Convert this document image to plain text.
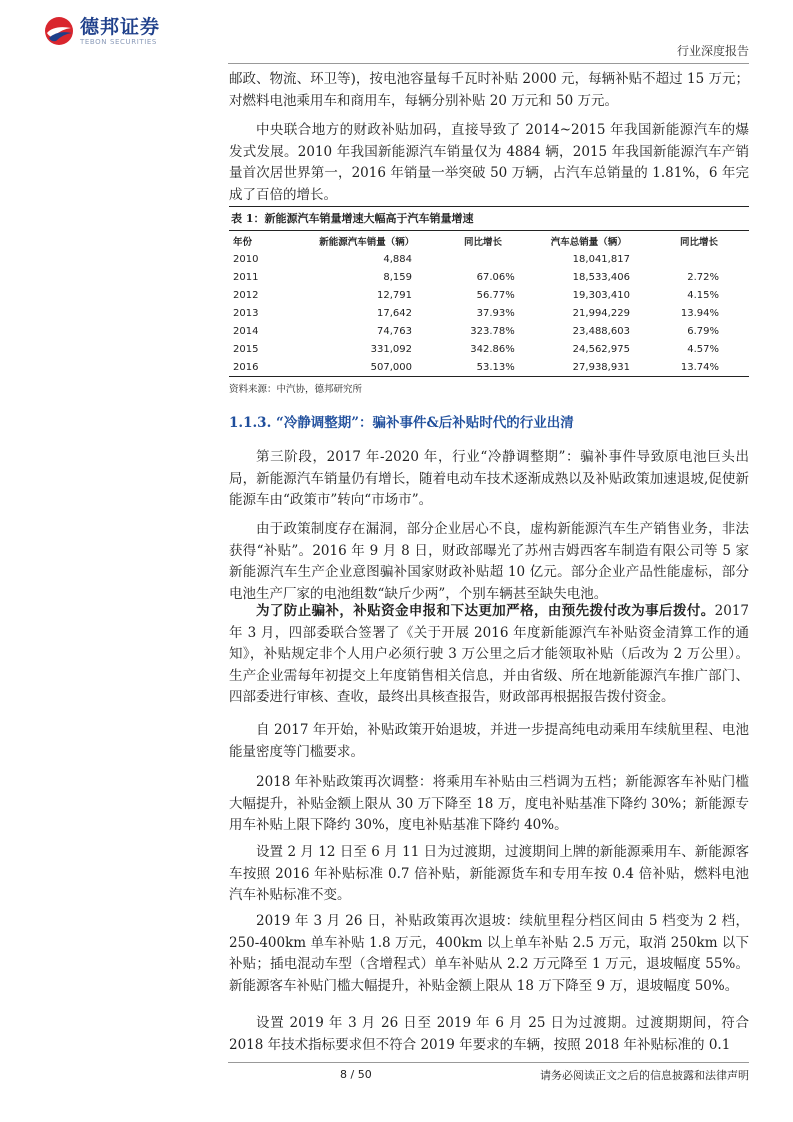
德邦证券
TEBON SECURITIES
行业深度报告

邮政、物流、环卫等)，按电池容量每千瓦时补贴 2000 元，每辆补贴不超过 15 万元；对燃料电池乘用车和商用车，每辆分别补贴 20 万元和 50 万元。

中央联合地方的财政补贴加码，直接导致了 2014~2015 年我国新能源汽车的爆发式发展。2010 年我国新能源汽车销量仅为 4884 辆，2015 年我国新能源汽车产销量首次居世界第一，2016 年销量一举突破 50 万辆，占汽车总销量的 1.81%，6 年完成了百倍的增长。

表 1：新能源汽车销量增速大幅高于汽车销量增速
年份	新能源汽车销量（辆）	同比增长	汽车总销量（辆）	同比增长
2010	4,884		18,041,817	
2011	8,159	67.06%	18,533,406	2.72%
2012	12,791	56.77%	19,303,410	4.15%
2013	17,642	37.93%	21,994,229	13.94%
2014	74,763	323.78%	23,488,603	6.79%
2015	331,092	342.86%	24,562,975	4.57%
2016	507,000	53.13%	27,938,931	13.74%
资料来源：中汽协，德邦研究所
1.1.3. “冷静调整期”：骗补事件&后补贴时代的行业出清

第三阶段，2017 年-2020 年，行业“冷静调整期”：骗补事件导致原电池巨头出局，新能源汽车销量仍有增长，随着电动车技术逐渐成熟以及补贴政策加速退坡,促使新能源车由“政策市”转向“市场市”。

由于政策制度存在漏洞，部分企业居心不良，虚构新能源汽车生产销售业务，非法获得“补贴”。2016 年 9 月 8 日，财政部曝光了苏州吉姆西客车制造有限公司等 5 家新能源汽车生产企业意图骗补国家财政补贴超 10 亿元。部分企业产品性能虚标，部分电池生产厂家的电池组数“缺斤少两”，个别车辆甚至缺失电池。

为了防止骗补，补贴资金申报和下达更加严格，由预先拨付改为事后拨付。2017 年 3 月，四部委联合签署了《关于开展 2016 年度新能源汽车补贴资金清算工作的通知》，补贴规定非个人用户必须行驶 3 万公里之后才能领取补贴（后改为 2 万公里）。生产企业需每年初提交上年度销售相关信息，并由省级、所在地新能源汽车推广部门、四部委进行审核、查收，最终出具核查报告，财政部再根据报告拨付资金。

自 2017 年开始，补贴政策开始退坡，并进一步提高纯电动乘用车续航里程、电池能量密度等门槛要求。

2018 年补贴政策再次调整：将乘用车补贴由三档调为五档；新能源客车补贴门槛大幅提升，补贴金额上限从 30 万下降至 18 万，度电补贴基准下降约 30%；新能源专用车补贴上限下降约 30%，度电补贴基准下降约 40%。

设置 2 月 12 日至 6 月 11 日为过渡期，过渡期间上牌的新能源乘用车、新能源客车按照 2016 年补贴标准 0.7 倍补贴，新能源货车和专用车按 0.4 倍补贴，燃料电池汽车补贴标准不变。

2019 年 3 月 26 日，补贴政策再次退坡：续航里程分档区间由 5 档变为 2 档，250-400km 单车补贴 1.8 万元，400km 以上单车补贴 2.5 万元，取消 250km 以下补贴；插电混动车型（含增程式）单车补贴从 2.2 万元降至 1 万元，退坡幅度 55%。新能源客车补贴门槛大幅提升，补贴金额上限从 18 万下降至 9 万，退坡幅度 50%。

设置 2019 年 3 月 26 日至 2019 年 6 月 25 日为过渡期。过渡期期间，符合 2018 年技术指标要求但不符合 2019 年要求的车辆，按照 2018 年补贴标准的 0.1

8 / 50	请务必阅读正文之后的信息披露和法律声明
